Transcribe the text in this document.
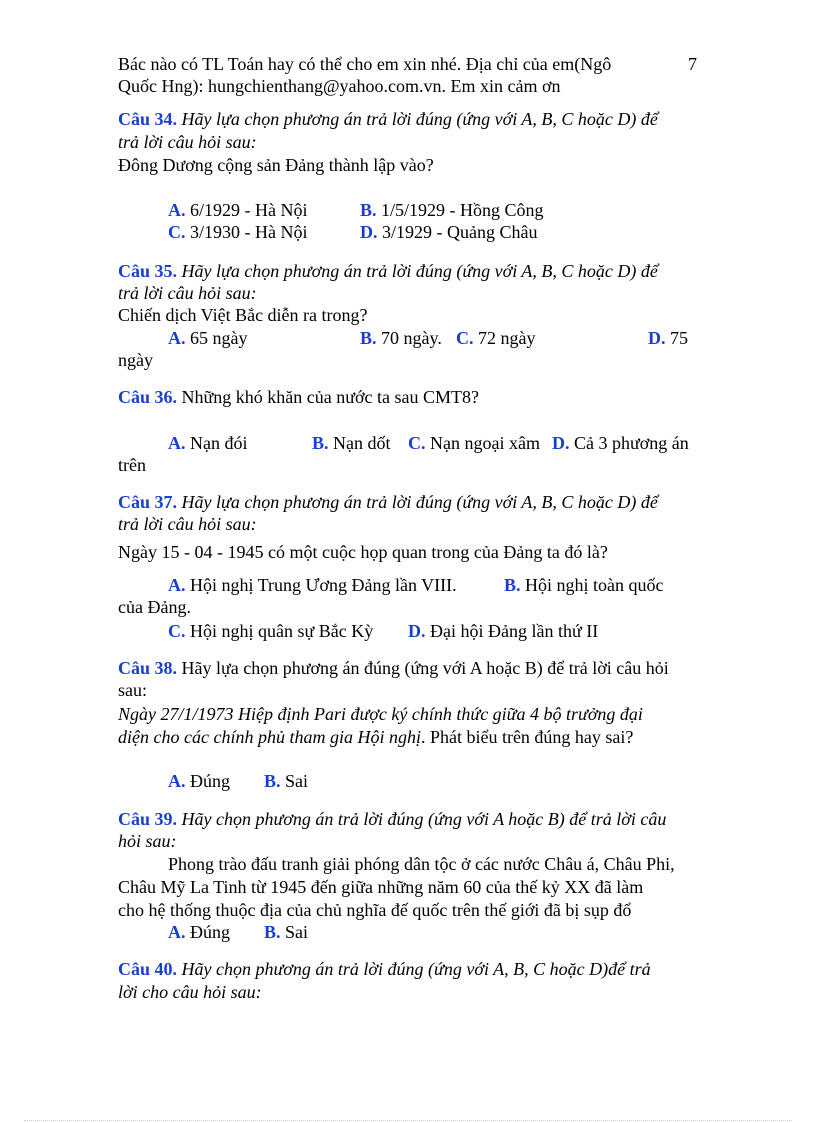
Bác nào có TL Toán hay có thể cho em xin nhé. Địa chỉ của em(Ngô	7
Quốc Hng): hungchienthang@yahoo.com.vn. Em xin cảm ơn
Câu 34. Hãy lựa chọn phương án trả lời đúng (ứng với A, B, C hoặc D) để
trả lời câu hỏi sau:
Đông Dương cộng sản Đảng thành lập vào?
A. 6/1929 - Hà Nội	B. 1/5/1929 - Hồng Công
C. 3/1930 - Hà Nội	D. 3/1929 - Quảng Châu
Câu 35. Hãy lựa chọn phương án trả lời đúng (ứng với A, B, C hoặc D) để
trả lời câu hỏi sau:
Chiến dịch Việt Bắc diễn ra trong?
A. 65 ngày	B. 70 ngày. C. 72 ngày	D. 75
ngày
Câu 36. Những khó khăn của nước ta sau CMT8?
A. Nạn đói	B. Nạn dốt C. Nạn ngoại xâm D. Cả 3 phương án
trên
Câu 37. Hãy lựa chọn phương án trả lời đúng (ứng với A, B, C hoặc D) để
trả lời câu hỏi sau:
Ngày 15 - 04 - 1945 có một cuộc họp quan trong của Đảng ta đó là?
A. Hội nghị Trung Ương Đảng lần VIII.	B. Hội nghị toàn quốc
của Đảng.
C. Hội nghị quân sự Bắc Kỳ D. Đại hội Đảng lần thứ II
Câu 38. Hãy lựa chọn phương án đúng (ứng với A hoặc B) để trả lời câu hỏi
sau:
Ngày 27/1/1973 Hiệp định Pari được ký chính thức giữa 4 bộ trưởng đại
diện cho các chính phủ tham gia Hội nghị. Phát biểu trên đúng hay sai?
A. Đúng B. Sai
Câu 39. Hãy chọn phương án trả lời đúng (ứng với A hoặc B) để trả lời câu
hỏi sau:
Phong trào đấu tranh giải phóng dân tộc ở các nước Châu á, Châu Phi,
Châu Mỹ La Tinh từ 1945 đến giữa những năm 60 của thế kỷ XX đã làm
cho hệ thống thuộc địa của chủ nghĩa đế quốc trên thế giới đã bị sụp đổ
A. Đúng B. Sai
Câu 40. Hãy chọn phương án trả lời đúng (ứng với A, B, C hoặc D)để trả
lời cho câu hỏi sau:
